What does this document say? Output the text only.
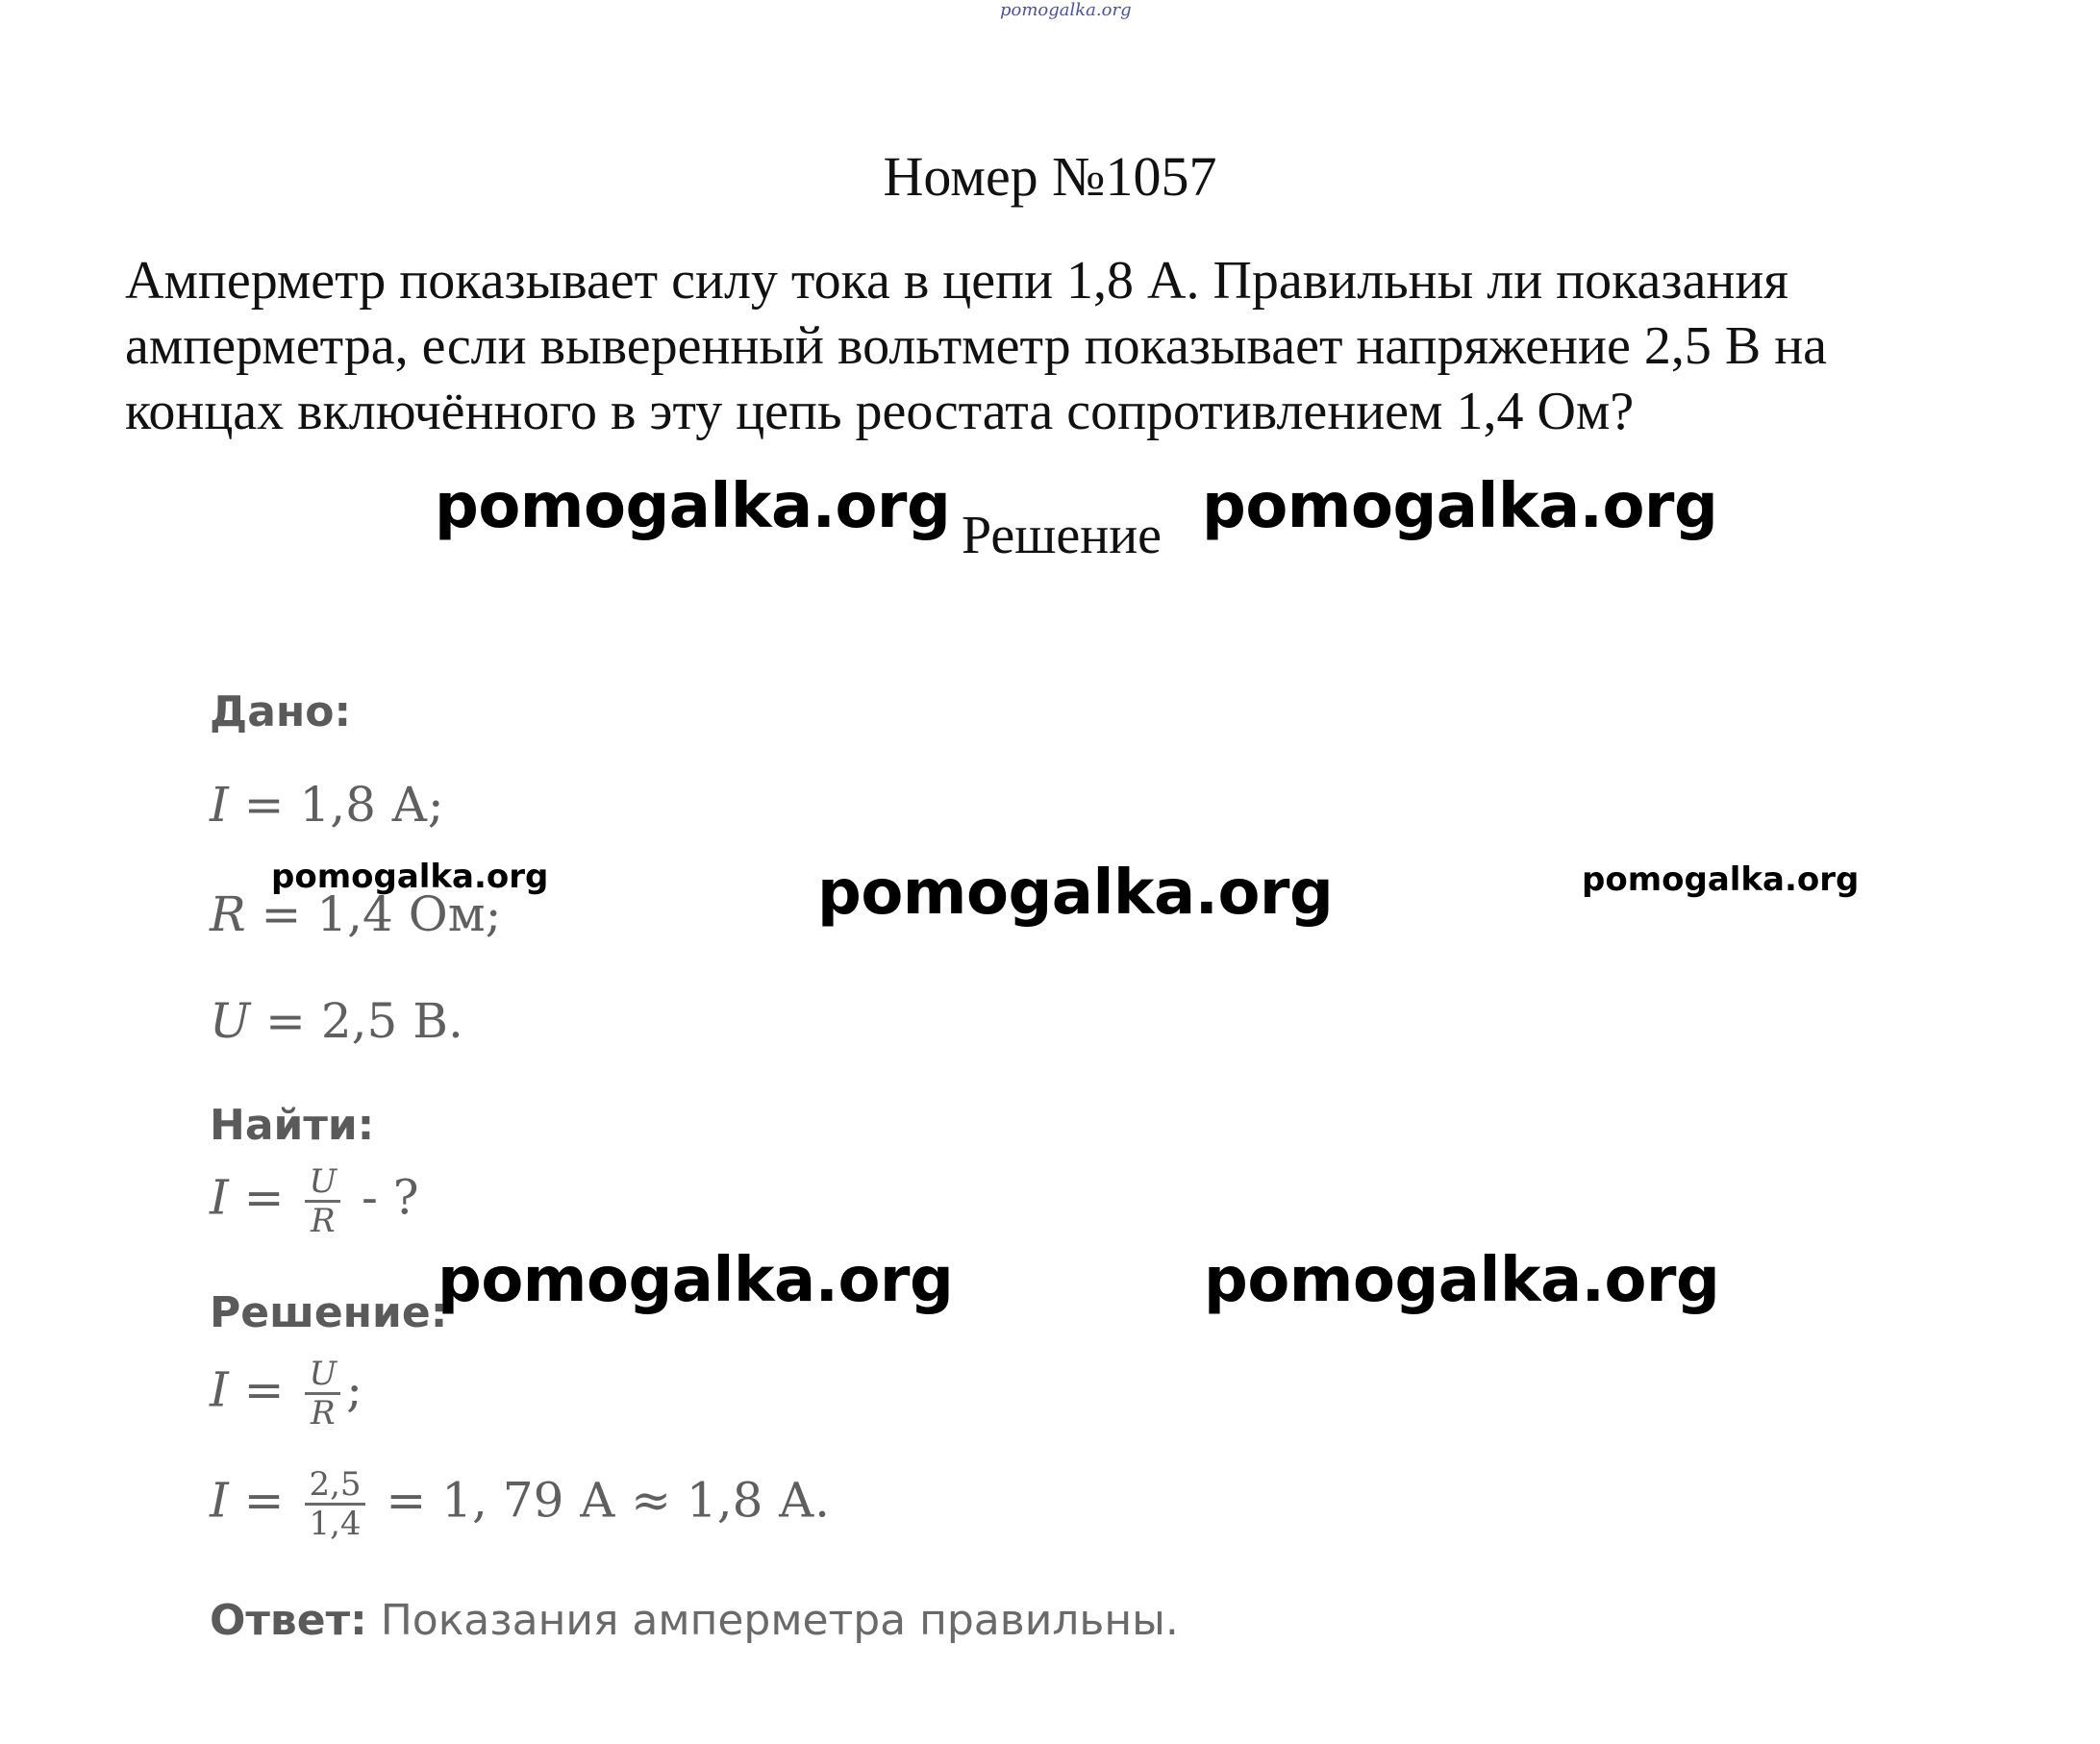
pomogalka.org
Номер №1057
Амперметр показывает силу тока в цепи 1,8 А. Правильны ли показания
амперметра, если выверенный вольтметр показывает напряжение 2,5 В на
концах включённого в эту цепь реостата сопротивлением 1,4 Ом?
pomogalka.org Решение pomogalka.org
pomogalka.org	pomogalka.org	pomogalka.org
pomogalka.org	pomogalka.org
Дано:
I = 1,8 А;
R = 1,4 Ом;
U = 2,5 В.
Найти:
$I = \frac{U}{R}$ - ?
Решение:
$I = \frac{U}{R}$ ;
$I = \frac{2,5}{1,4} = 1$, 79 А ≈ 1,8 А.
Ответ: Показания амперметра правильны.
